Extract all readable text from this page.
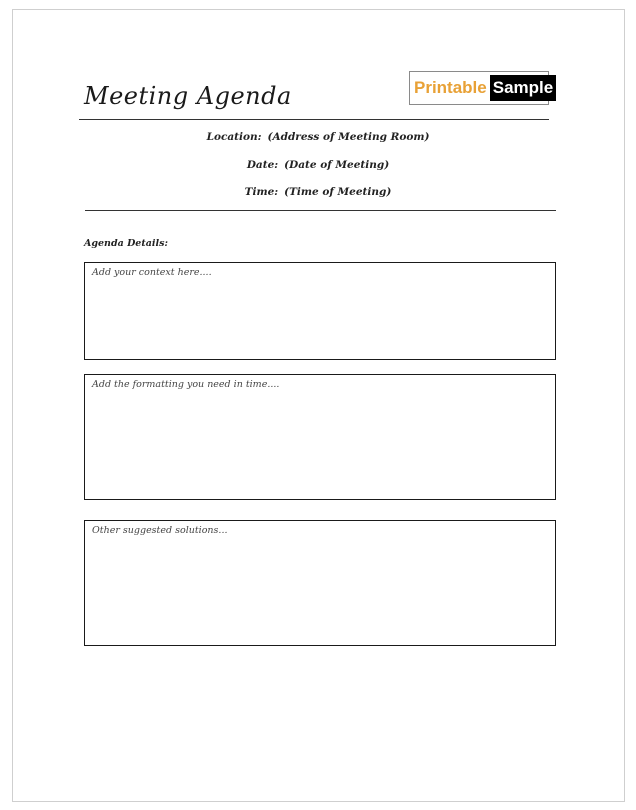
Meeting Agenda	Printable Sample
Location: (Address of Meeting Room)
Date: (Date of Meeting)
Time: (Time of Meeting)
Agenda Details:
Add your context here....
Add the formatting you need in time....
Other suggested solutions...
